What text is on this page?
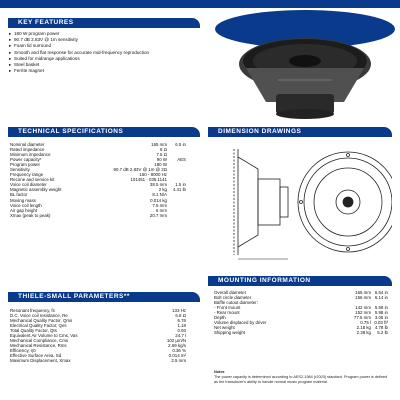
KEY FEATURES
▸ 180 W program power
▸ 90.7 dB 2.83V @ 1m sensitivity
▸ Foam lid surround
▸ Smooth and flat response for accurate mid-frequency reproduction
▸ Suited for midrange applications
▸ Steel basket
▸ Ferrite magnet
TECHNICAL SPECIFICATIONS
Nominal diameter	165 mm	6.5 in
Rated impedance	8 Ω	
Minimum impedance	7.5 Ω	
Power capacity*	90 W	AES
Program power	180 W	
Sensitivity	90.7 dB 2.83V @ 1m @ 2Ω	
Frequency range	150 - 8000 Hz	
Recone and service kit	101451 · 035.1141	
Voice coil diameter	38.5 mm	1.5 in
Magnetic assembly weight	2 kg	4.41 lb
BL factor	8.1 N/A	
Moving mass	0.014 kg	
Voice coil length	7.5 mm	
Air gap height	6 mm	
Xmax (peak to peak)	20.7 mm	
THIELE-SMALL PARAMETERS**
Resonant frequency, fs	133 Hz
D.C. Voice coil resistance, Re	6.8 Ω
Mechanical Quality Factor, Qms	6.76
Electrical Quality Factor, Qes	1.18
Total Quality Factor, Qts	0.93
Equivalent Air Volume to Cms, Vas	24.7 l
Mechanical Compliance, Cms	102 µm/N
Mechanical Resistance, Rms	2.69 kg/s
Efficiency, η0	0.36 %
Effective Surface Area, Sd	0.014 m²
Maximum Displacement, Xmax	2.5 mm
DIMENSION DRAWINGS
MOUNTING INFORMATION
Overall diameter	165 mm	6.54 in
Bolt circle diameter	156 mm	6.14 in
Baffle cutout diameter:		
- Front mount	142 mm	5.59 in
- Rear mount	152 mm	5.98 in
Depth	77.5 mm	3.05 in
Volume displaced by driver	0.75 l	0.03 ft³
Net weight	2.18 kg	4.78 lb
Shipping weight	2.38 kg	5.2 lb
Notes
The power capacity is determined according to AES2-1984 (r2003) standard. Program power is defined as the transducer's ability to handle normal music program material.
